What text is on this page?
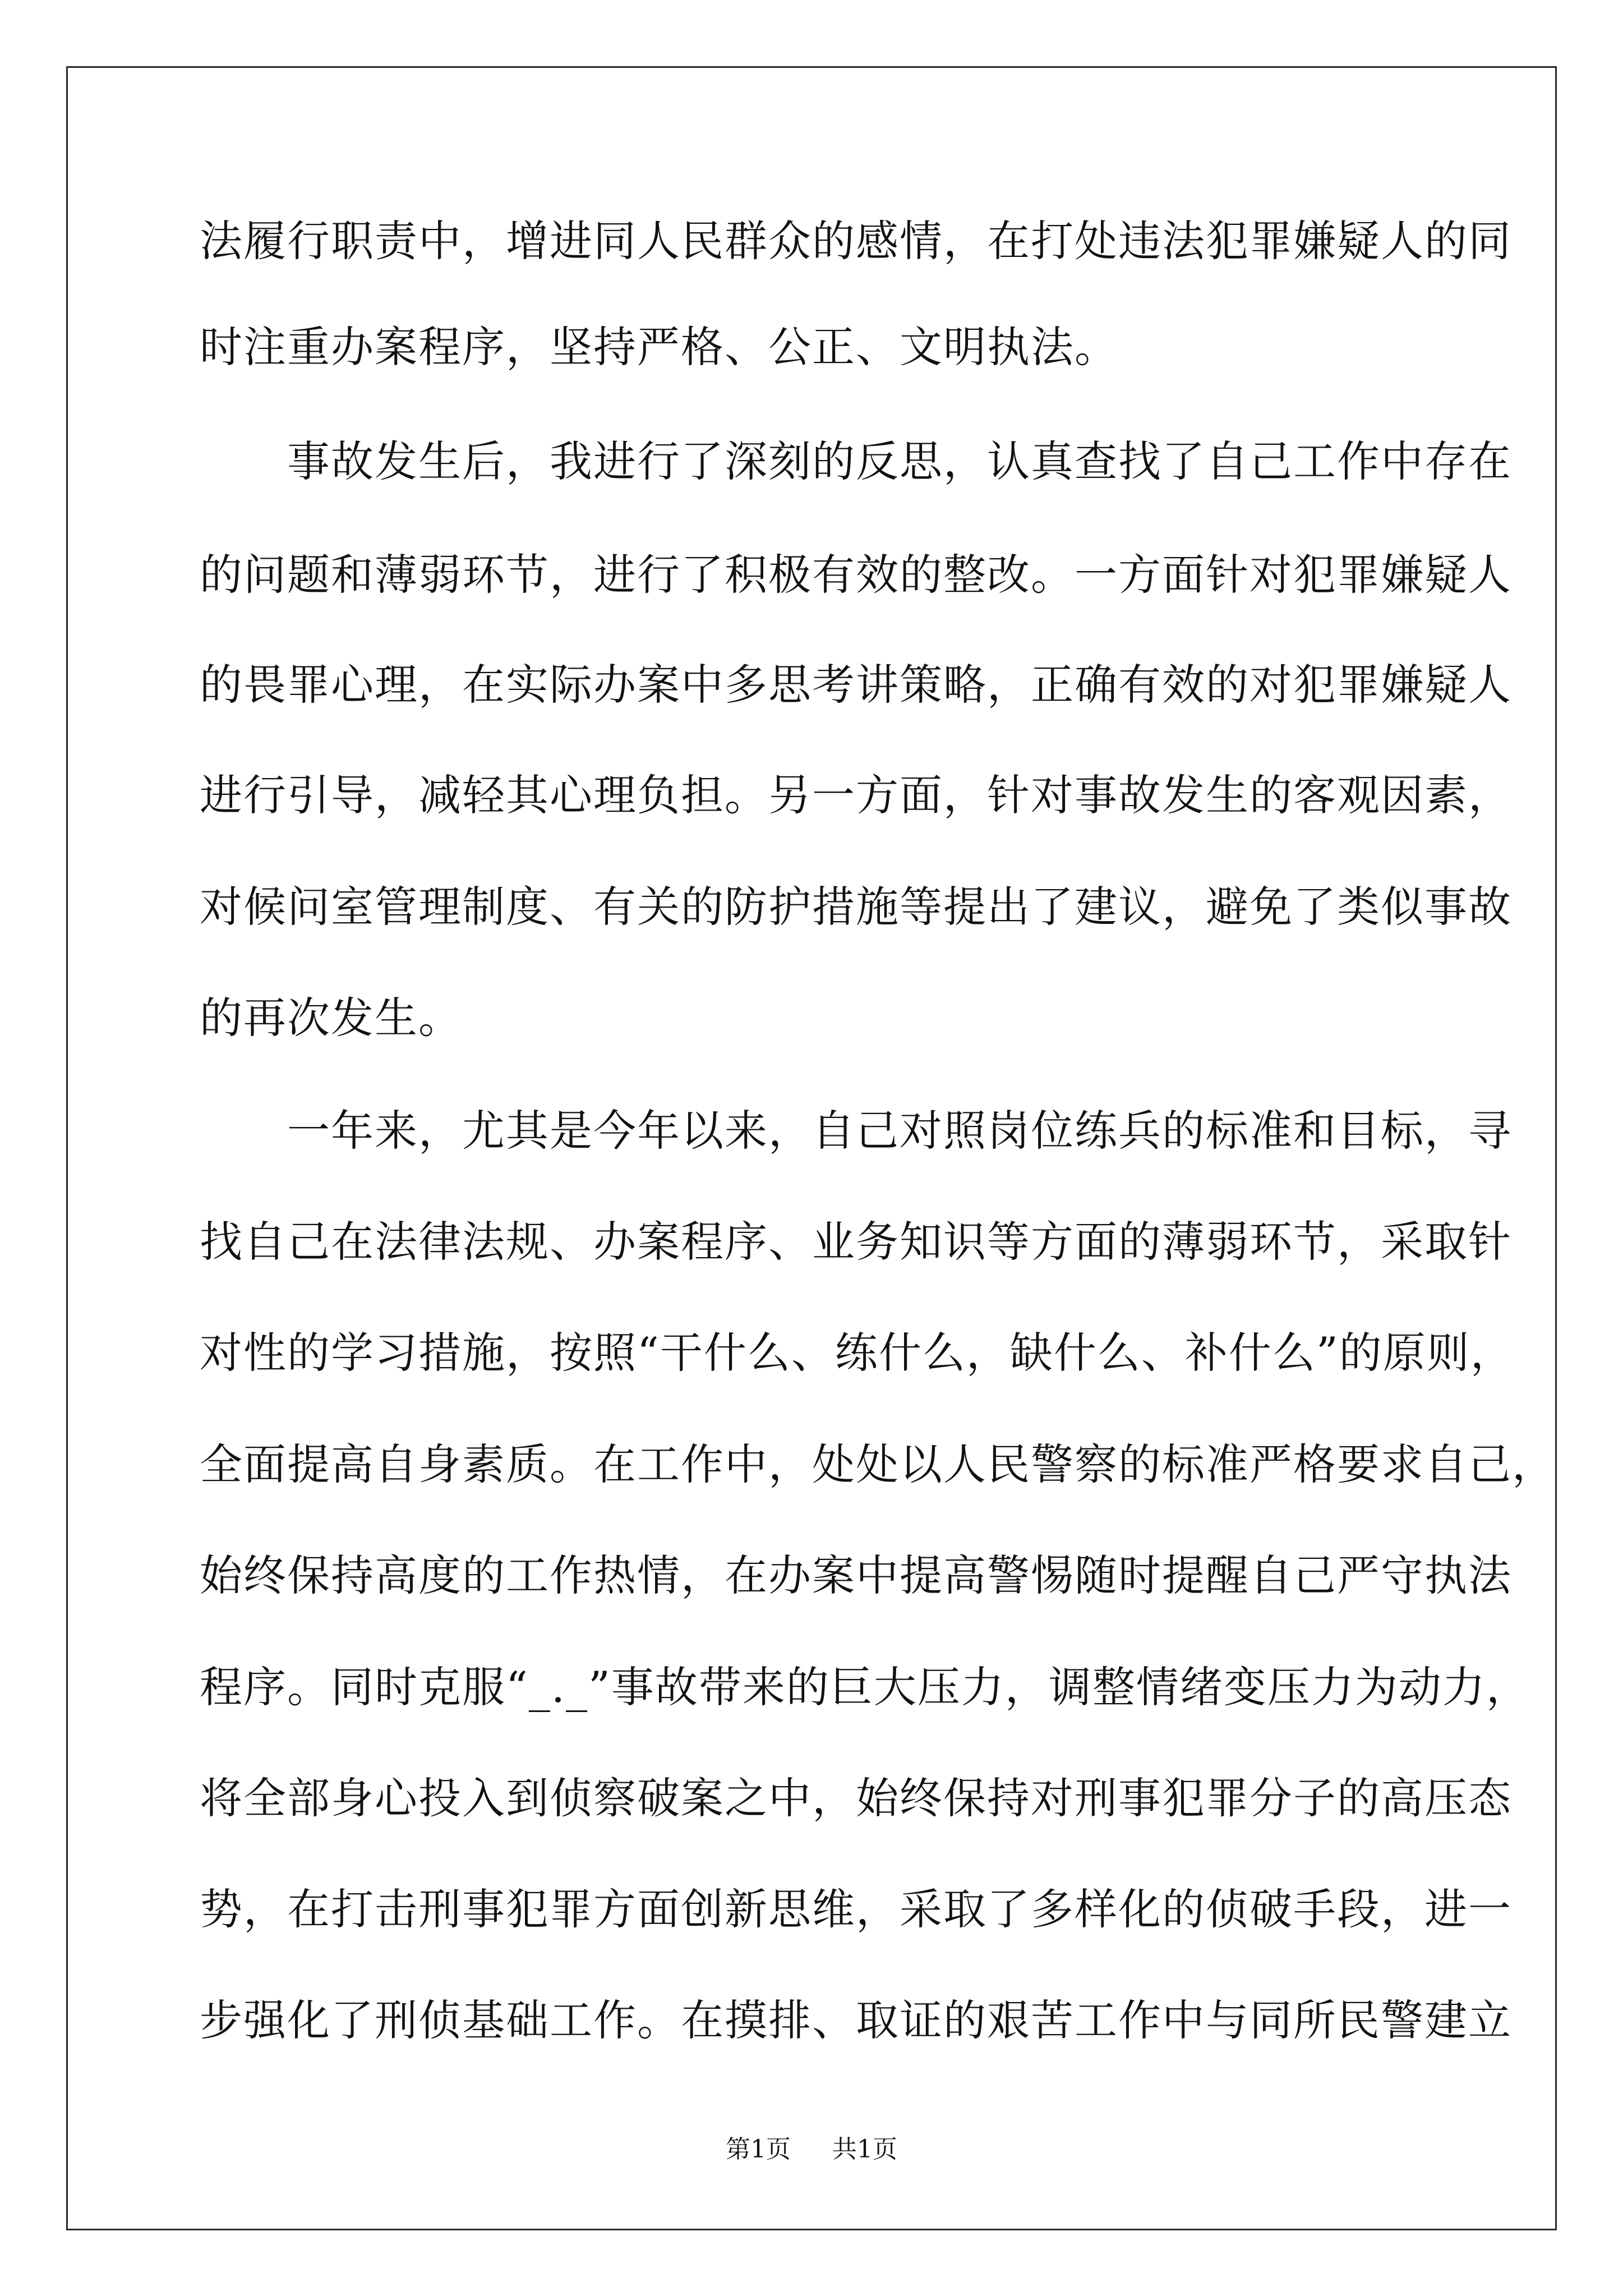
法履行职责中，增进同人民群众的感情，在打处违法犯罪嫌疑人的同
时注重办案程序，坚持严格、公正、文明执法。
　　事故发生后，我进行了深刻的反思，认真查找了自己工作中存在
的问题和薄弱环节，进行了积极有效的整改。一方面针对犯罪嫌疑人
的畏罪心理，在实际办案中多思考讲策略，正确有效的对犯罪嫌疑人
进行引导，减轻其心理负担。另一方面，针对事故发生的客观因素，
对候问室管理制度、有关的防护措施等提出了建议，避免了类似事故
的再次发生。
　　一年来，尤其是今年以来，自己对照岗位练兵的标准和目标，寻
找自己在法律法规、办案程序、业务知识等方面的薄弱环节，采取针
对性的学习措施，按照“干什么、练什么，缺什么、补什么”的原则，
全面提高自身素质。在工作中，处处以人民警察的标准严格要求自己，
始终保持高度的工作热情，在办案中提高警惕随时提醒自己严守执法
程序。同时克服“_._”事故带来的巨大压力，调整情绪变压力为动力，
将全部身心投入到侦察破案之中，始终保持对刑事犯罪分子的高压态
势，在打击刑事犯罪方面创新思维，采取了多样化的侦破手段，进一
步强化了刑侦基础工作。在摸排、取证的艰苦工作中与同所民警建立
第1页 共1页
